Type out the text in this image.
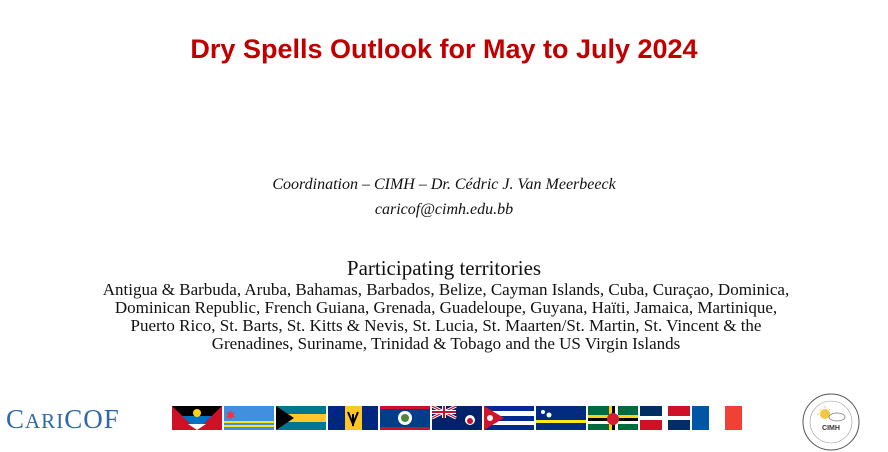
Dry Spells Outlook for May to July 2024
Coordination – CIMH – Dr. Cédric J. Van Meerbeeck
caricof@cimh.edu.bb
Participating territories
Antigua & Barbuda, Aruba, Bahamas, Barbados, Belize, Cayman Islands, Cuba, Curaçao, Dominica,
Dominican Republic, French Guiana, Grenada, Guadeloupe, Guyana, Haïti, Jamaica, Martinique,
Puerto Rico, St. Barts, St. Kitts & Nevis, St. Lucia, St. Maarten/St. Martin, St. Vincent & the
Grenadines, Suriname, Trinidad & Tobago and the US Virgin Islands
CARICOF	CIMH
